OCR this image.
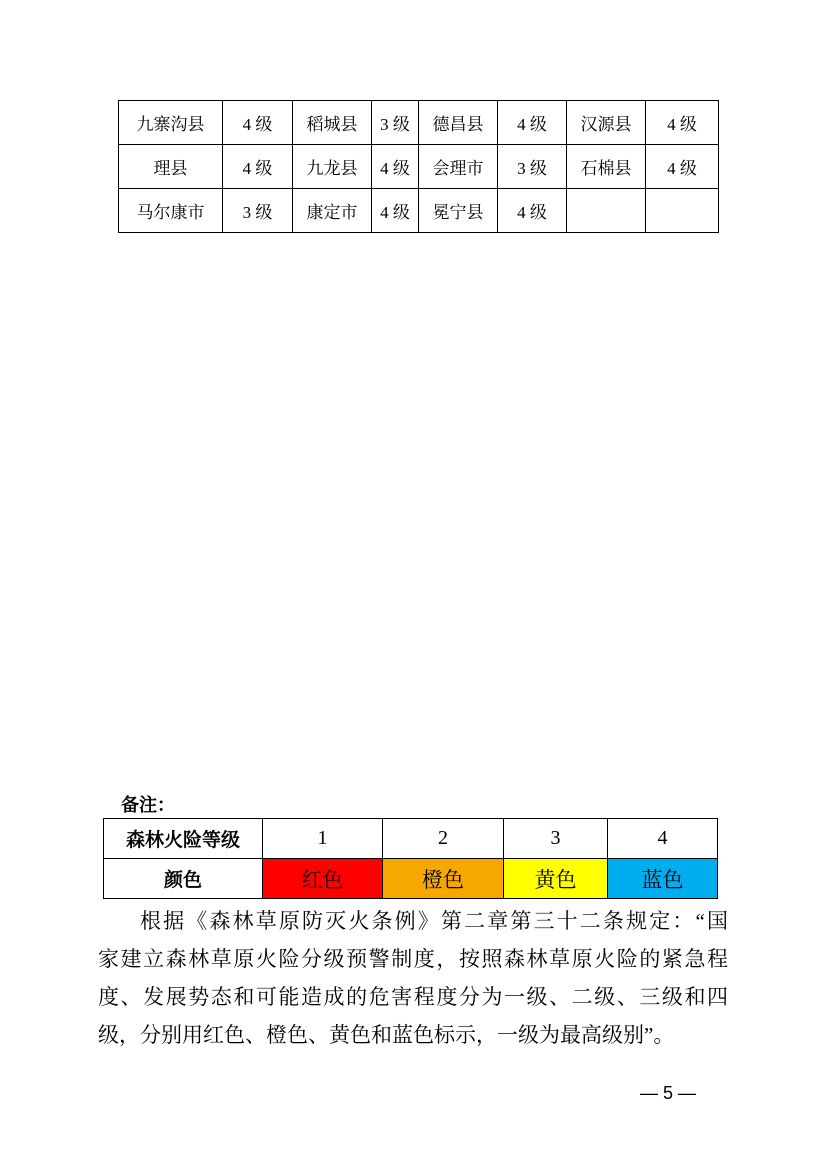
九寨沟县	4 级	稻城县	3 级	德昌县	4 级	汉源县	4 级
理县	4 级	九龙县	4 级	会理市	3 级	石棉县	4 级
马尔康市	3 级	康定市	4 级	冕宁县	4 级		
备注：
森林火险等级	1	2	3	4
颜色	红色	橙色	黄色	蓝色
根据《森林草原防灭火条例》第二章第三十二条规定：“国
家建立森林草原火险分级预警制度，按照森林草原火险的紧急程
度、发展势态和可能造成的危害程度分为一级、二级、三级和四
级，分别用红色、橙色、黄色和蓝色标示，一级为最高级别”。
— 5 —
